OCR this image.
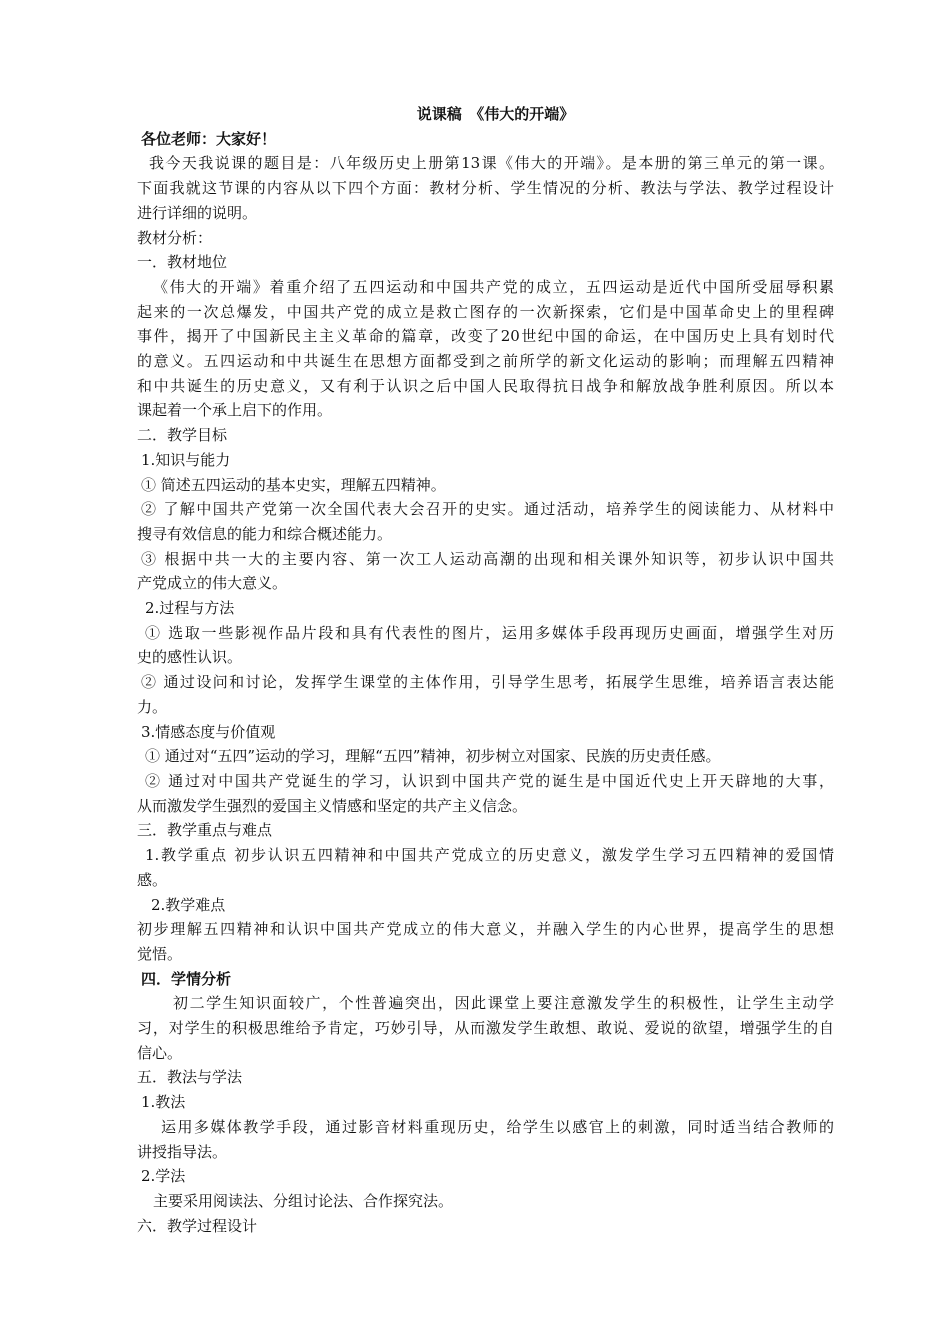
说课稿　《伟大的开端》
各位老师：大家好！
我今天我说课的题目是：八年级历史上册第13课《伟大的开端》。是本册的第三单元的第一课。
下面我就这节课的内容从以下四个方面：教材分析、学生情况的分析、教法与学法、教学过程设计
进行详细的说明。
教材分析：
一．教材地位
《伟大的开端》着重介绍了五四运动和中国共产党的成立，五四运动是近代中国所受屈辱积累
起来的一次总爆发，中国共产党的成立是救亡图存的一次新探索，它们是中国革命史上的里程碑
事件，揭开了中国新民主主义革命的篇章，改变了20世纪中国的命运，在中国历史上具有划时代
的意义。五四运动和中共诞生在思想方面都受到之前所学的新文化运动的影响；而理解五四精神
和中共诞生的历史意义，又有利于认识之后中国人民取得抗日战争和解放战争胜利原因。所以本
课起着一个承上启下的作用。
二．教学目标
1.知识与能力
① 简述五四运动的基本史实，理解五四精神。
② 了解中国共产党第一次全国代表大会召开的史实。通过活动，培养学生的阅读能力、从材料中
搜寻有效信息的能力和综合概述能力。
③ 根据中共一大的主要内容、第一次工人运动高潮的出现和相关课外知识等，初步认识中国共
产党成立的伟大意义。
2.过程与方法
① 选取一些影视作品片段和具有代表性的图片，运用多媒体手段再现历史画面，增强学生对历
史的感性认识。
② 通过设问和讨论，发挥学生课堂的主体作用，引导学生思考，拓展学生思维，培养语言表达能
力。
3.情感态度与价值观
① 通过对“五四”运动的学习，理解“五四”精神，初步树立对国家、民族的历史责任感。
② 通过对中国共产党诞生的学习，认识到中国共产党的诞生是中国近代史上开天辟地的大事，
从而激发学生强烈的爱国主义情感和坚定的共产主义信念。
三．教学重点与难点
1.教学重点 初步认识五四精神和中国共产党成立的历史意义，激发学生学习五四精神的爱国情
感。
2.教学难点
初步理解五四精神和认识中国共产党成立的伟大意义，并融入学生的内心世界，提高学生的思想
觉悟。
四．学情分析
初二学生知识面较广，个性普遍突出，因此课堂上要注意激发学生的积极性，让学生主动学
习，对学生的积极思维给予肯定，巧妙引导，从而激发学生敢想、敢说、爱说的欲望，增强学生的自
信心。
五．教法与学法
1.教法
运用多媒体教学手段，通过影音材料重现历史，给学生以感官上的刺激，同时适当结合教师的
讲授指导法。
2.学法
主要采用阅读法、分组讨论法、合作探究法。
六．教学过程设计
